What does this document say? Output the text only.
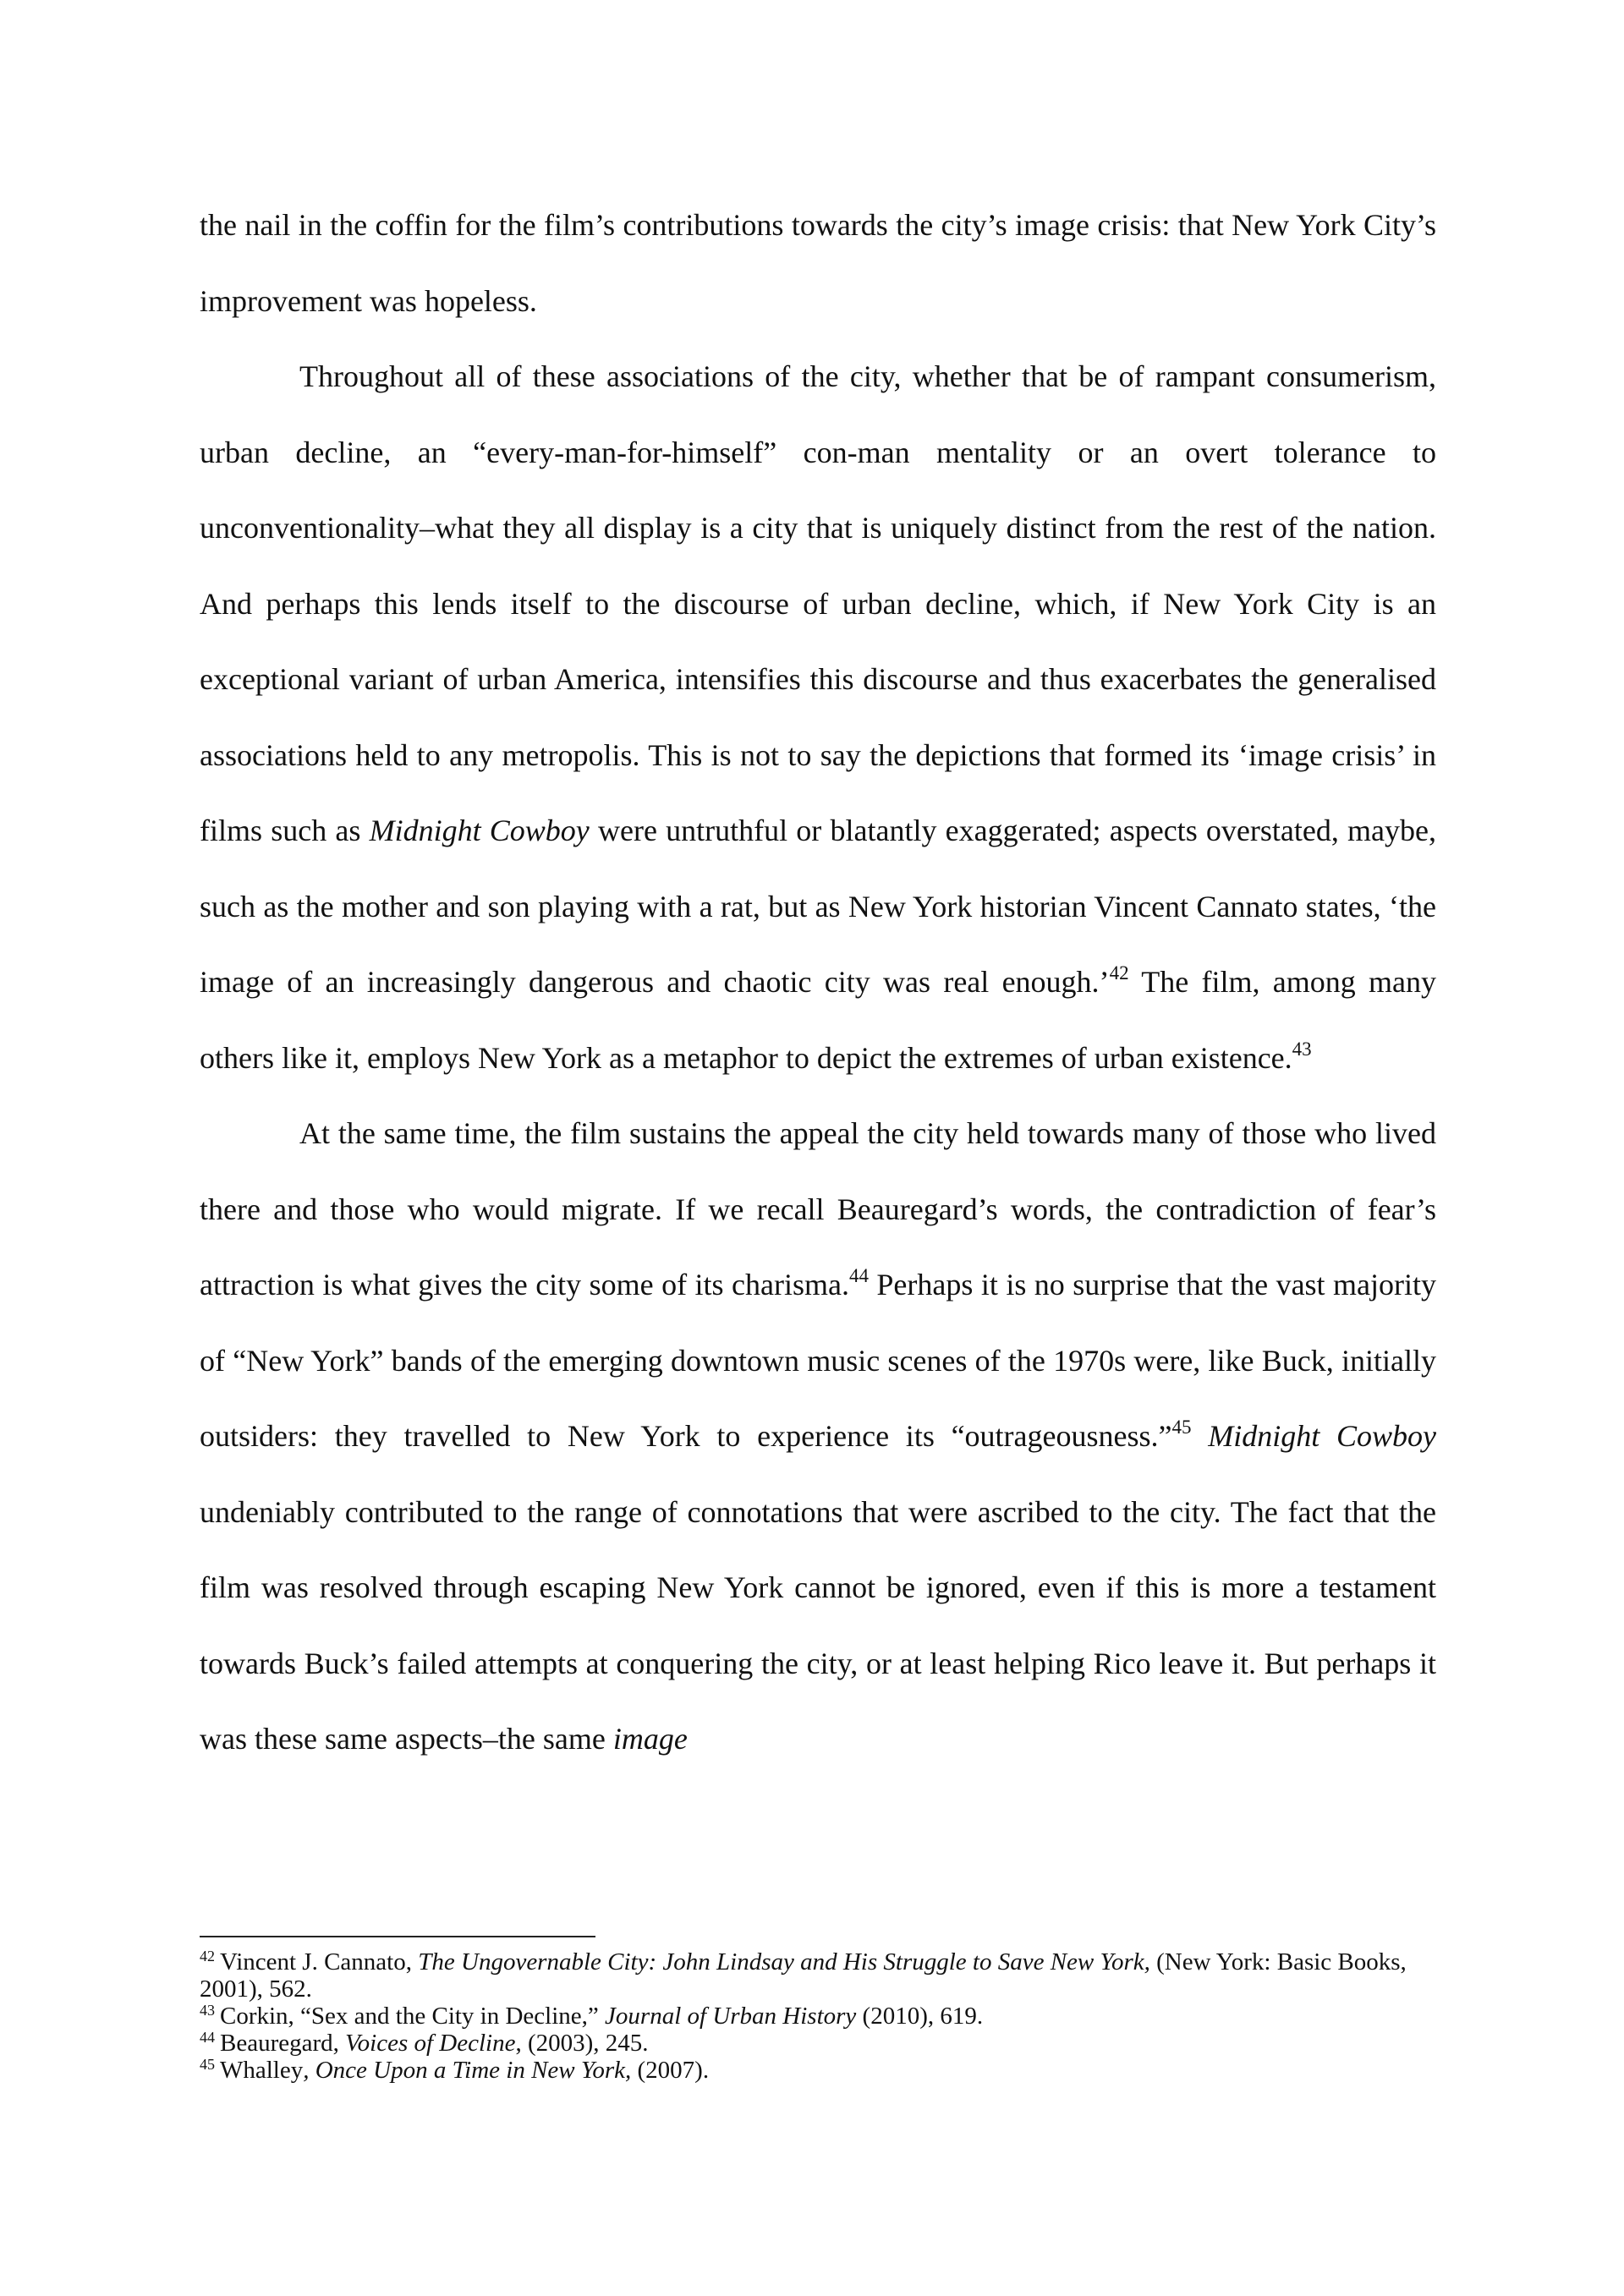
the nail in the coffin for the film’s contributions towards the city’s image crisis: that New York City’s improvement was hopeless.

Throughout all of these associations of the city, whether that be of rampant consumerism, urban decline, an “every-man-for-himself” con-man mentality or an overt tolerance to unconventionality–what they all display is a city that is uniquely distinct from the rest of the nation. And perhaps this lends itself to the discourse of urban decline, which, if New York City is an exceptional variant of urban America, intensifies this discourse and thus exacerbates the generalised associations held to any metropolis. This is not to say the depictions that formed its ‘image crisis’ in films such as Midnight Cowboy were untruthful or blatantly exaggerated; aspects overstated, maybe, such as the mother and son playing with a rat, but as New York historian Vincent Cannato states, ‘the image of an increasingly dangerous and chaotic city was real enough.’$^{42}$ The film, among many others like it, employs New York as a metaphor to depict the extremes of urban existence.$^{43}$

At the same time, the film sustains the appeal the city held towards many of those who lived there and those who would migrate. If we recall Beauregard’s words, the contradiction of fear’s attraction is what gives the city some of its charisma.$^{44}$ Perhaps it is no surprise that the vast majority of “New York” bands of the emerging downtown music scenes of the 1970s were, like Buck, initially outsiders: they travelled to New York to experience its “outrageousness.”$^{45}$ Midnight Cowboy undeniably contributed to the range of connotations that were ascribed to the city. The fact that the film was resolved through escaping New York cannot be ignored, even if this is more a testament towards Buck’s failed attempts at conquering the city, or at least helping Rico leave it. But perhaps it was these same aspects–the same image

$^{42}$ Vincent J. Cannato, The Ungovernable City: John Lindsay and His Struggle to Save New York, (New York: Basic Books, 2001), 562.

$^{43}$ Corkin, “Sex and the City in Decline,” Journal of Urban History (2010), 619.

$^{44}$ Beauregard, Voices of Decline, (2003), 245.

$^{45}$ Whalley, Once Upon a Time in New York, (2007).
